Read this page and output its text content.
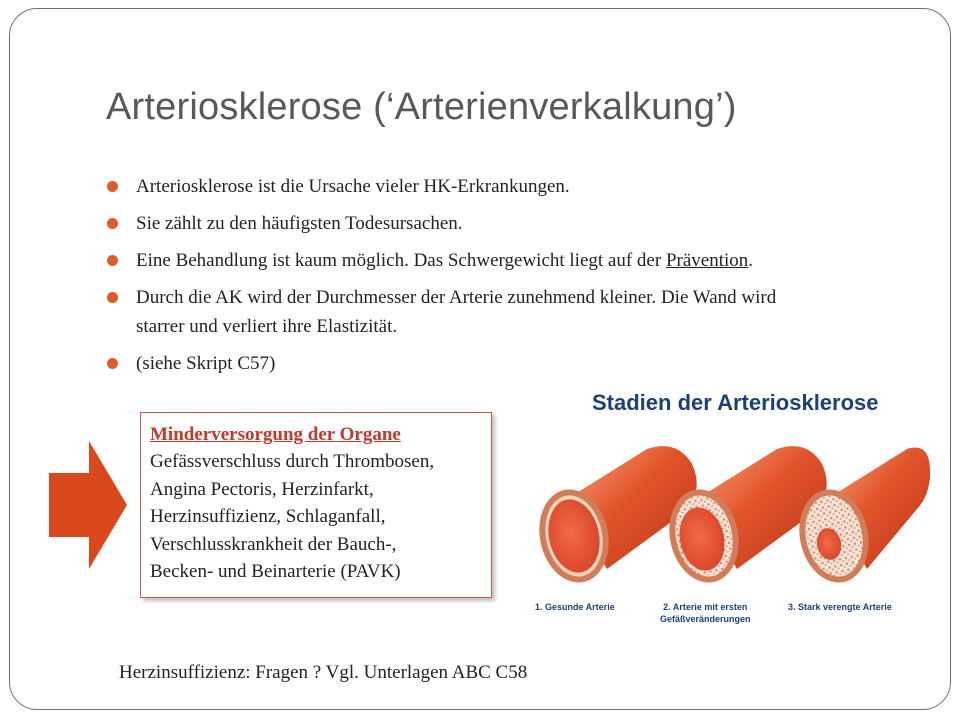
Arteriosklerose (‘Arterienverkalkung’)
Arteriosklerose ist die Ursache vieler HK-Erkrankungen.
Sie zählt zu den häufigsten Todesursachen.
Eine Behandlung ist kaum möglich. Das Schwergewicht liegt auf der Prävention.
Durch die AK wird der Durchmesser der Arterie zunehmend kleiner. Die Wand wird
starrer und verliert ihre Elastizität.
(siehe Skript C57)
Minderversorgung der Organe
Gefässverschluss durch Thrombosen,
Angina Pectoris, Herzinfarkt,
Herzinsuffizienz, Schlaganfall,
Verschlusskrankheit der Bauch-,
Becken- und Beinarterie (PAVK)
Stadien der Arteriosklerose
1. Gesunde Arterie	2. Arterie mit ersten
Gefäßveränderungen
3. Stark verengte Arterie
Herzinsuffizienz: Fragen ? Vgl. Unterlagen ABC C58
